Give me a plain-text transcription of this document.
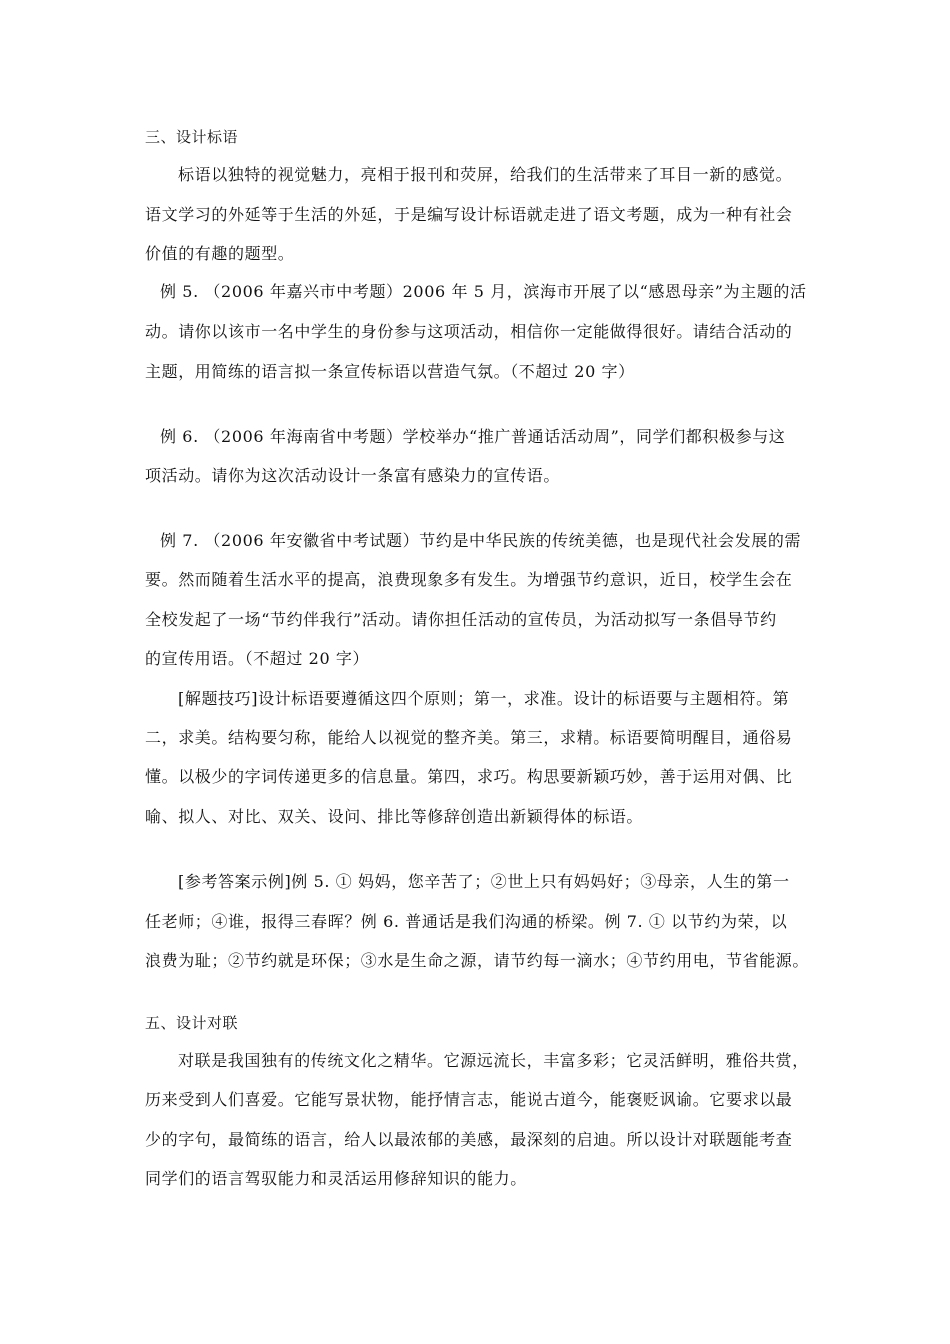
三、设计标语
标语以独特的视觉魅力，亮相于报刊和荧屏，给我们的生活带来了耳目一新的感觉。
语文学习的外延等于生活的外延，于是编写设计标语就走进了语文考题，成为一种有社会
价值的有趣的题型。
例 5. （2006 年嘉兴市中考题）2006 年 5 月，滨海市开展了以“感恩母亲”为主题的活
动。请你以该市一名中学生的身份参与这项活动，相信你一定能做得很好。请结合活动的
主题，用简练的语言拟一条宣传标语以营造气氛。（不超过 20 字）
例 6. （2006 年海南省中考题）学校举办“推广普通话活动周”，同学们都积极参与这
项活动。请你为这次活动设计一条富有感染力的宣传语。
例 7. （2006 年安徽省中考试题）节约是中华民族的传统美德，也是现代社会发展的需
要。然而随着生活水平的提高，浪费现象多有发生。为增强节约意识，近日，校学生会在
全校发起了一场“节约伴我行”活动。请你担任活动的宣传员，为活动拟写一条倡导节约
的宣传用语。（不超过 20 字）
[解题技巧]设计标语要遵循这四个原则；第一，求准。设计的标语要与主题相符。第
二，求美。结构要匀称，能给人以视觉的整齐美。第三，求精。标语要简明醒目，通俗易
懂。以极少的字词传递更多的信息量。第四，求巧。构思要新颖巧妙，善于运用对偶、比
喻、拟人、对比、双关、设问、排比等修辞创造出新颖得体的标语。
[参考答案示例]例 5. ① 妈妈，您辛苦了；②世上只有妈妈好；③母亲，人生的第一
任老师；④谁，报得三春晖？例 6. 普通话是我们沟通的桥梁。例 7. ① 以节约为荣，以
浪费为耻；②节约就是环保；③水是生命之源，请节约每一滴水；④节约用电，节省能源。
五、设计对联
对联是我国独有的传统文化之精华。它源远流长，丰富多彩；它灵活鲜明，雅俗共赏，
历来受到人们喜爱。它能写景状物，能抒情言志，能说古道今，能褒贬讽谕。它要求以最
少的字句，最简练的语言，给人以最浓郁的美感，最深刻的启迪。所以设计对联题能考查
同学们的语言驾驭能力和灵活运用修辞知识的能力。
